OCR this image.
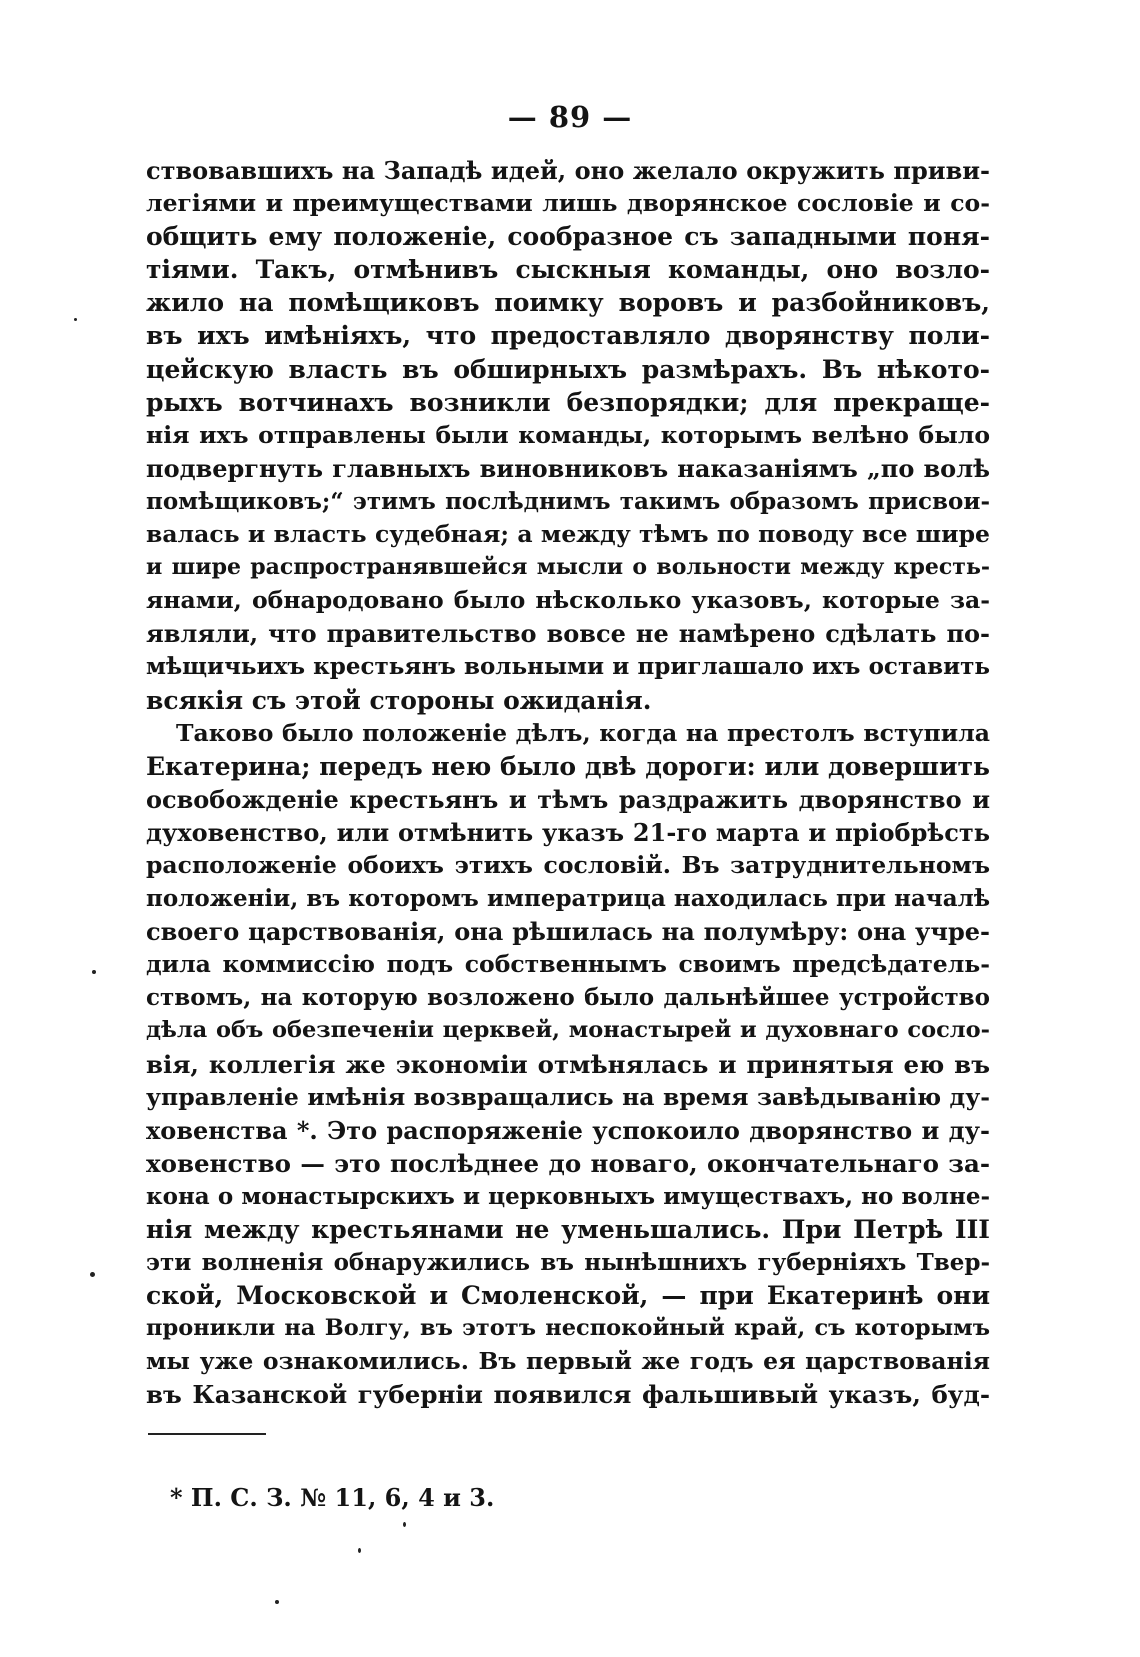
— 89 —
ствовавшихъ на Западѣ идей, оно желало окружить приви-
легіями и преимуществами лишь дворянское сословіе и со-
общить ему положеніе, сообразное съ западными поня-
тіями. Такъ, отмѣнивъ сыскныя команды, оно возло-
жило на помѣщиковъ поимку воровъ и разбойниковъ,
въ ихъ имѣніяхъ, что предоставляло дворянству поли-
цейскую власть въ обширныхъ размѣрахъ. Въ нѣкото-
рыхъ вотчинахъ возникли безпорядки; для прекраще-
нія ихъ отправлены были команды, которымъ велѣно было
подвергнуть главныхъ виновниковъ наказаніямъ „по волѣ
помѣщиковъ;“ этимъ послѣднимъ такимъ образомъ присвои-
валась и власть судебная; а между тѣмъ по поводу все шире
и шире распространявшейся мысли о вольности между кресть-
янами, обнародовано было нѣсколько указовъ, которые за-
являли, что правительство вовсе не намѣрено сдѣлать по-
мѣщичьихъ крестьянъ вольными и приглашало ихъ оставить
всякія съ этой стороны ожиданія.
Таково было положеніе дѣлъ, когда на престолъ вступила
Екатерина; передъ нею было двѣ дороги: или довершить
освобожденіе крестьянъ и тѣмъ раздражить дворянство и
духовенство, или отмѣнить указъ 21-го марта и пріобрѣсть
расположеніе обоихъ этихъ сословій. Въ затруднительномъ
положеніи, въ которомъ императрица находилась при началѣ
своего царствованія, она рѣшилась на полумѣру: она учре-
дила коммиссію подъ собственнымъ своимъ предсѣдатель-
ствомъ, на которую возложено было дальнѣйшее устройство
дѣла объ обезпеченіи церквей, монастырей и духовнаго сосло-
вія, коллегія же экономіи отмѣнялась и принятыя ею въ
управленіе имѣнія возвращались на время завѣдыванію ду-
ховенства *. Это распоряженіе успокоило дворянство и ду-
ховенство — это послѣднее до новаго, окончательнаго за-
кона о монастырскихъ и церковныхъ имуществахъ, но волне-
нія между крестьянами не уменьшались. При Петрѣ III
эти волненія обнаружились въ нынѣшнихъ губерніяхъ Твер-
ской, Московской и Смоленской, — при Екатеринѣ они
проникли на Волгу, въ этотъ неспокойный край, съ которымъ
мы уже ознакомились. Въ первый же годъ ея царствованія
въ Казанской губерніи появился фальшивый указъ, буд-
* П. С. З. № 11, 6, 4 и 3.
